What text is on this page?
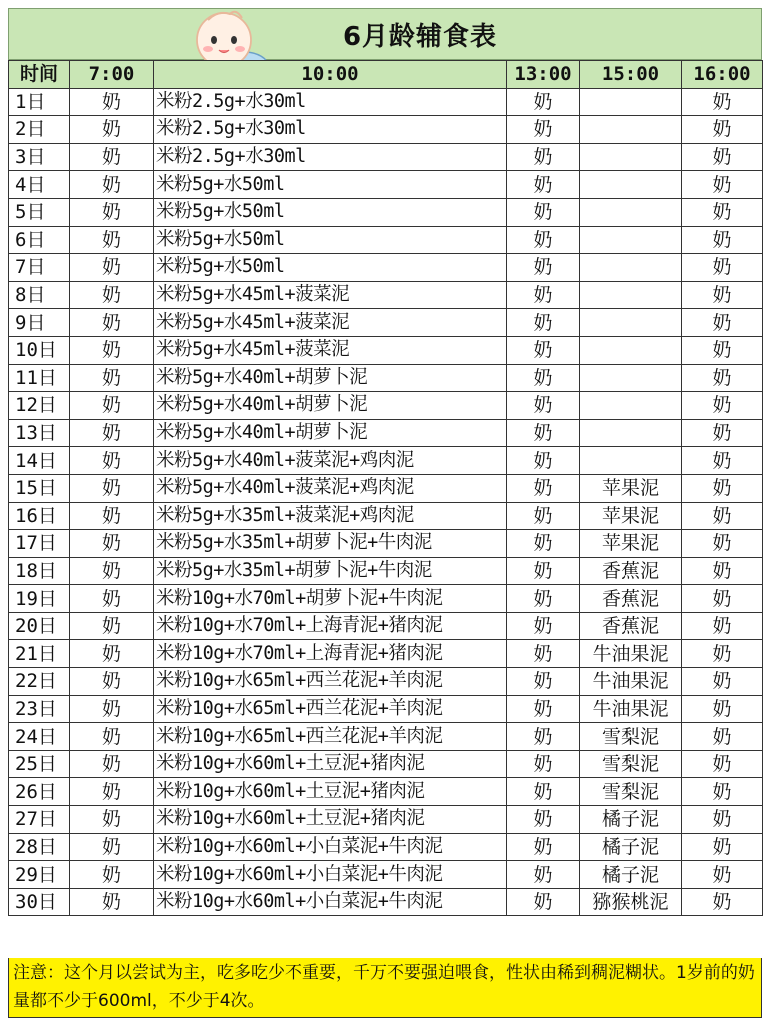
6月龄辅食表
时间	7:00	10:00	13:00	15:00	16:00
1日	奶	米粉2.5g+水30ml	奶		奶
2日	奶	米粉2.5g+水30ml	奶		奶
3日	奶	米粉2.5g+水30ml	奶		奶
4日	奶	米粉5g+水50ml	奶		奶
5日	奶	米粉5g+水50ml	奶		奶
6日	奶	米粉5g+水50ml	奶		奶
7日	奶	米粉5g+水50ml	奶		奶
8日	奶	米粉5g+水45ml+菠菜泥	奶		奶
9日	奶	米粉5g+水45ml+菠菜泥	奶		奶
10日	奶	米粉5g+水45ml+菠菜泥	奶		奶
11日	奶	米粉5g+水40ml+胡萝卜泥	奶		奶
12日	奶	米粉5g+水40ml+胡萝卜泥	奶		奶
13日	奶	米粉5g+水40ml+胡萝卜泥	奶		奶
14日	奶	米粉5g+水40ml+菠菜泥+鸡肉泥	奶		奶
15日	奶	米粉5g+水40ml+菠菜泥+鸡肉泥	奶	苹果泥	奶
16日	奶	米粉5g+水35ml+菠菜泥+鸡肉泥	奶	苹果泥	奶
17日	奶	米粉5g+水35ml+胡萝卜泥+牛肉泥	奶	苹果泥	奶
18日	奶	米粉5g+水35ml+胡萝卜泥+牛肉泥	奶	香蕉泥	奶
19日	奶	米粉10g+水70ml+胡萝卜泥+牛肉泥	奶	香蕉泥	奶
20日	奶	米粉10g+水70ml+上海青泥+猪肉泥	奶	香蕉泥	奶
21日	奶	米粉10g+水70ml+上海青泥+猪肉泥	奶	牛油果泥	奶
22日	奶	米粉10g+水65ml+西兰花泥+羊肉泥	奶	牛油果泥	奶
23日	奶	米粉10g+水65ml+西兰花泥+羊肉泥	奶	牛油果泥	奶
24日	奶	米粉10g+水65ml+西兰花泥+羊肉泥	奶	雪梨泥	奶
25日	奶	米粉10g+水60ml+土豆泥+猪肉泥	奶	雪梨泥	奶
26日	奶	米粉10g+水60ml+土豆泥+猪肉泥	奶	雪梨泥	奶
27日	奶	米粉10g+水60ml+土豆泥+猪肉泥	奶	橘子泥	奶
28日	奶	米粉10g+水60ml+小白菜泥+牛肉泥	奶	橘子泥	奶
29日	奶	米粉10g+水60ml+小白菜泥+牛肉泥	奶	橘子泥	奶
30日	奶	米粉10g+水60ml+小白菜泥+牛肉泥	奶	猕猴桃泥	奶
注意：这个月以尝试为主，吃多吃少不重要，千万不要强迫喂食，性状由稀到稠泥糊状。1岁前的奶量都不少于600ml，不少于4次。
